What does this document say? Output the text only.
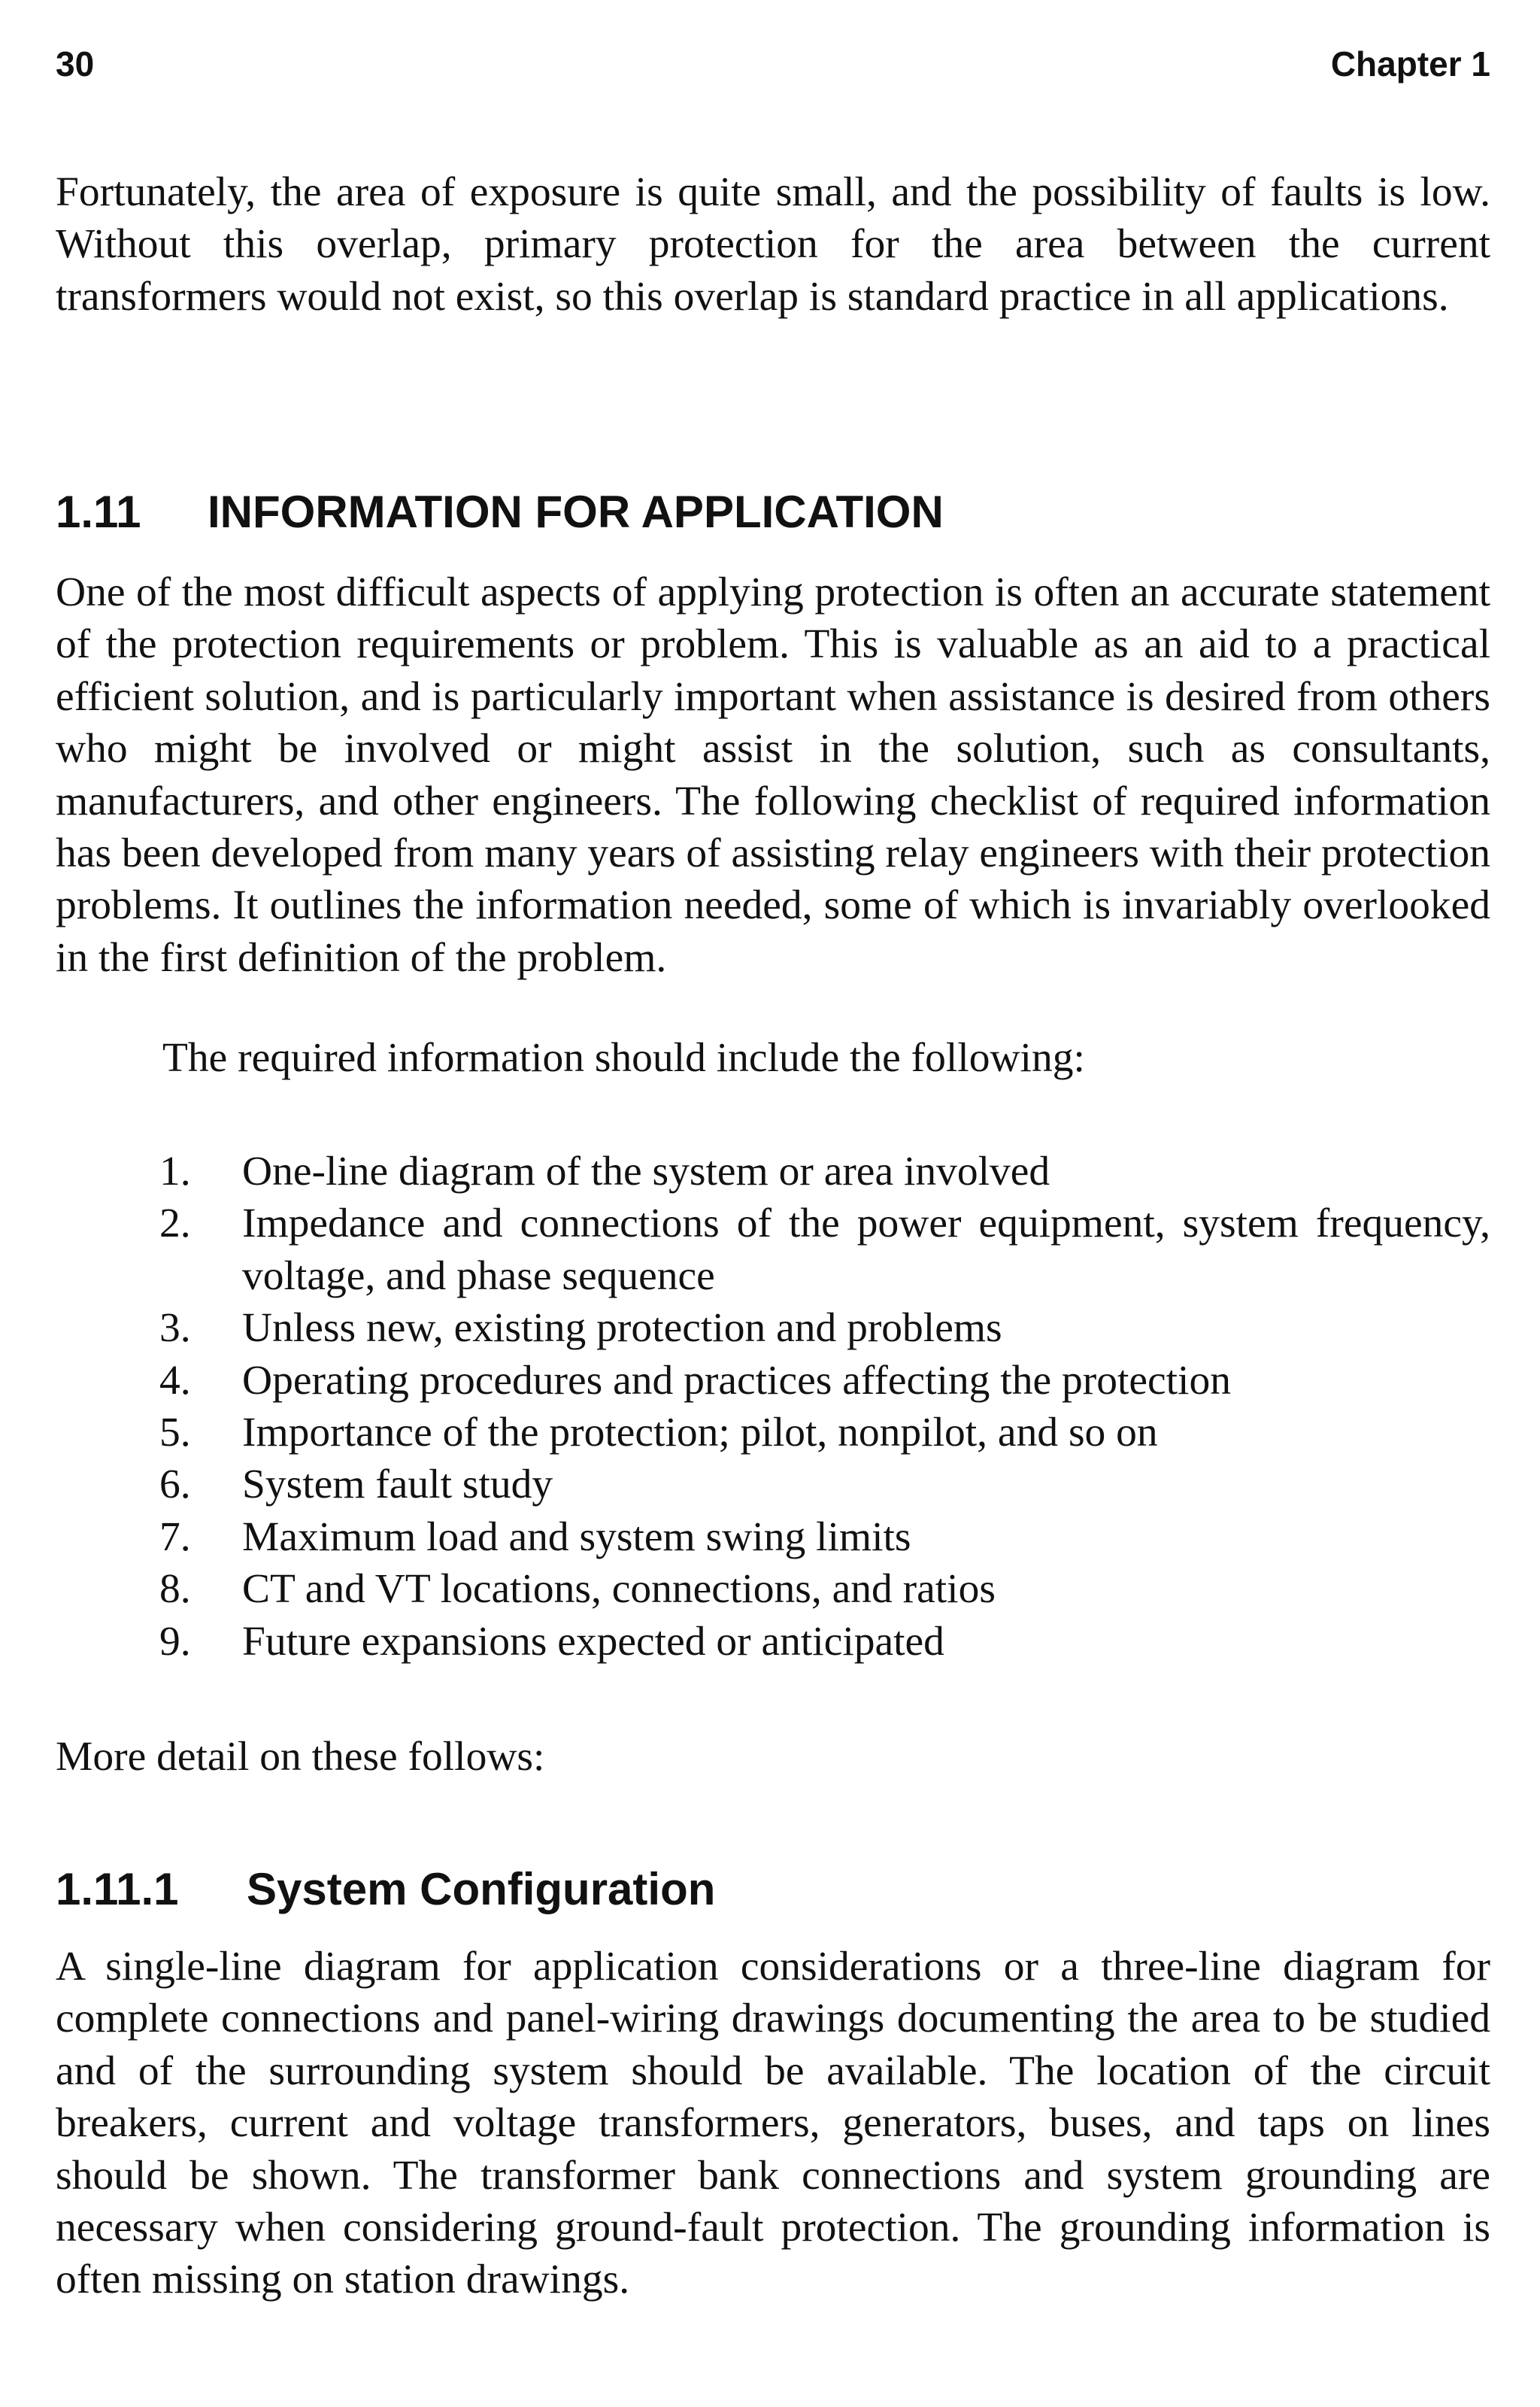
30	Chapter 1

Fortunately, the area of exposure is quite small, and the possibility of faults is low. Without this overlap, primary protection for the area between the current transformers would not exist, so this overlap is standard practice in all applications.

1.11 INFORMATION FOR APPLICATION

One of the most difficult aspects of applying protection is often an accurate statement of the protection requirements or problem. This is valuable as an aid to a practical efficient solution, and is particularly important when assistance is desired from others who might be involved or might assist in the solution, such as consultants, manufacturers, and other engineers. The following checklist of required information has been developed from many years of assisting relay engineers with their protection problems. It outlines the information needed, some of which is invariably overlooked in the first definition of the problem.

The required information should include the following:

1.	One-line diagram of the system or area involved
2.	Impedance and connections of the power equipment, system frequency, voltage, and phase sequence
3.	Unless new, existing protection and problems
4.	Operating procedures and practices affecting the protection
5.	Importance of the protection; pilot, nonpilot, and so on
6.	System fault study
7.	Maximum load and system swing limits
8.	CT and VT locations, connections, and ratios
9.	Future expansions expected or anticipated

More detail on these follows:

1.11.1 System Configuration

A single-line diagram for application considerations or a three-line diagram for complete connections and panel-wiring drawings documenting the area to be studied and of the surrounding system should be available. The location of the circuit breakers, current and voltage transformers, generators, buses, and taps on lines should be shown. The transformer bank connections and system grounding are necessary when considering ground-fault protection. The grounding information is often missing on station drawings.
